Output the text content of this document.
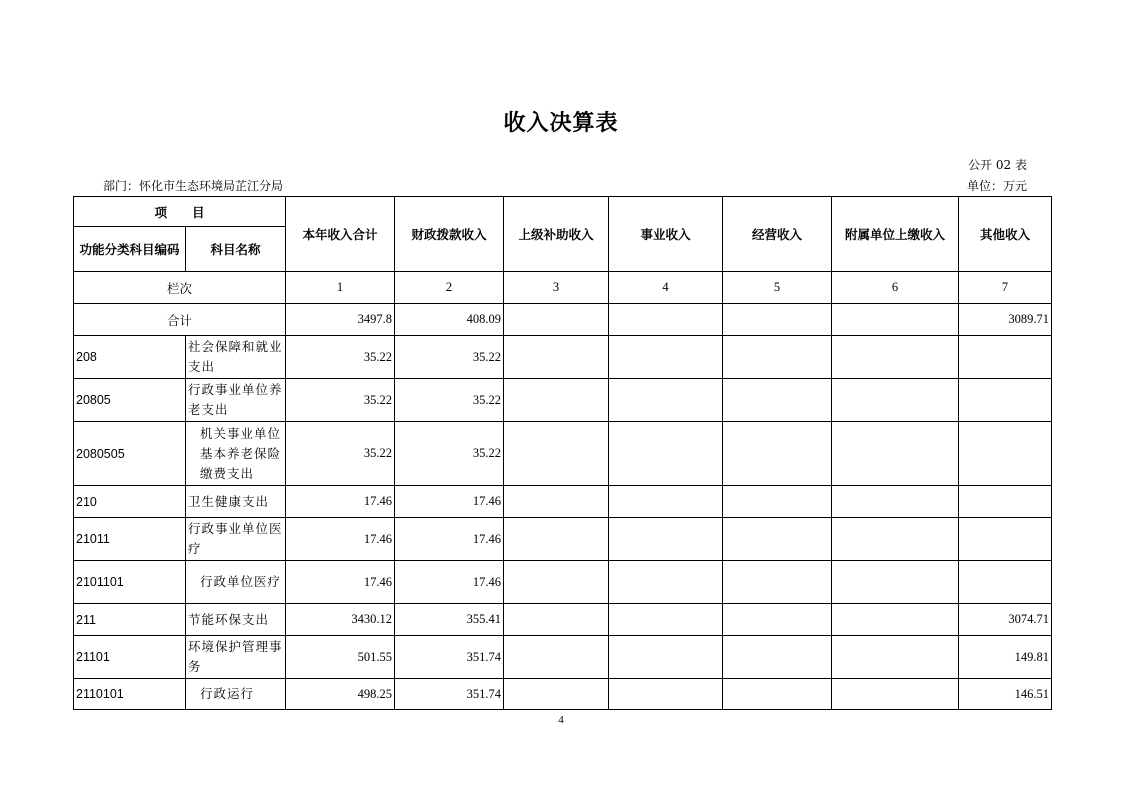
收入决算表
公开 02 表
部门：怀化市生态环境局芷江分局	单位：万元
项　　目		本年收入合计	财政拨款收入	上级补助收入	事业收入	经营收入	附属单位上缴收入	其他收入
功能分类科目编码	科目名称							
栏次		1	2	3	4	5	6	7
合计		3497.8	408.09					3089.71
208	社会保障和就业支出	35.22	35.22					
20805	行政事业单位养老支出	35.22	35.22					
2080505	机关事业单位基本养老保险缴费支出	35.22	35.22					
210	卫生健康支出	17.46	17.46					
21011	行政事业单位医疗	17.46	17.46					
2101101	行政单位医疗	17.46	17.46					
211	节能环保支出	3430.12	355.41					3074.71
21101	环境保护管理事务	501.55	351.74					149.81
2110101	行政运行	498.25	351.74					146.51
4
